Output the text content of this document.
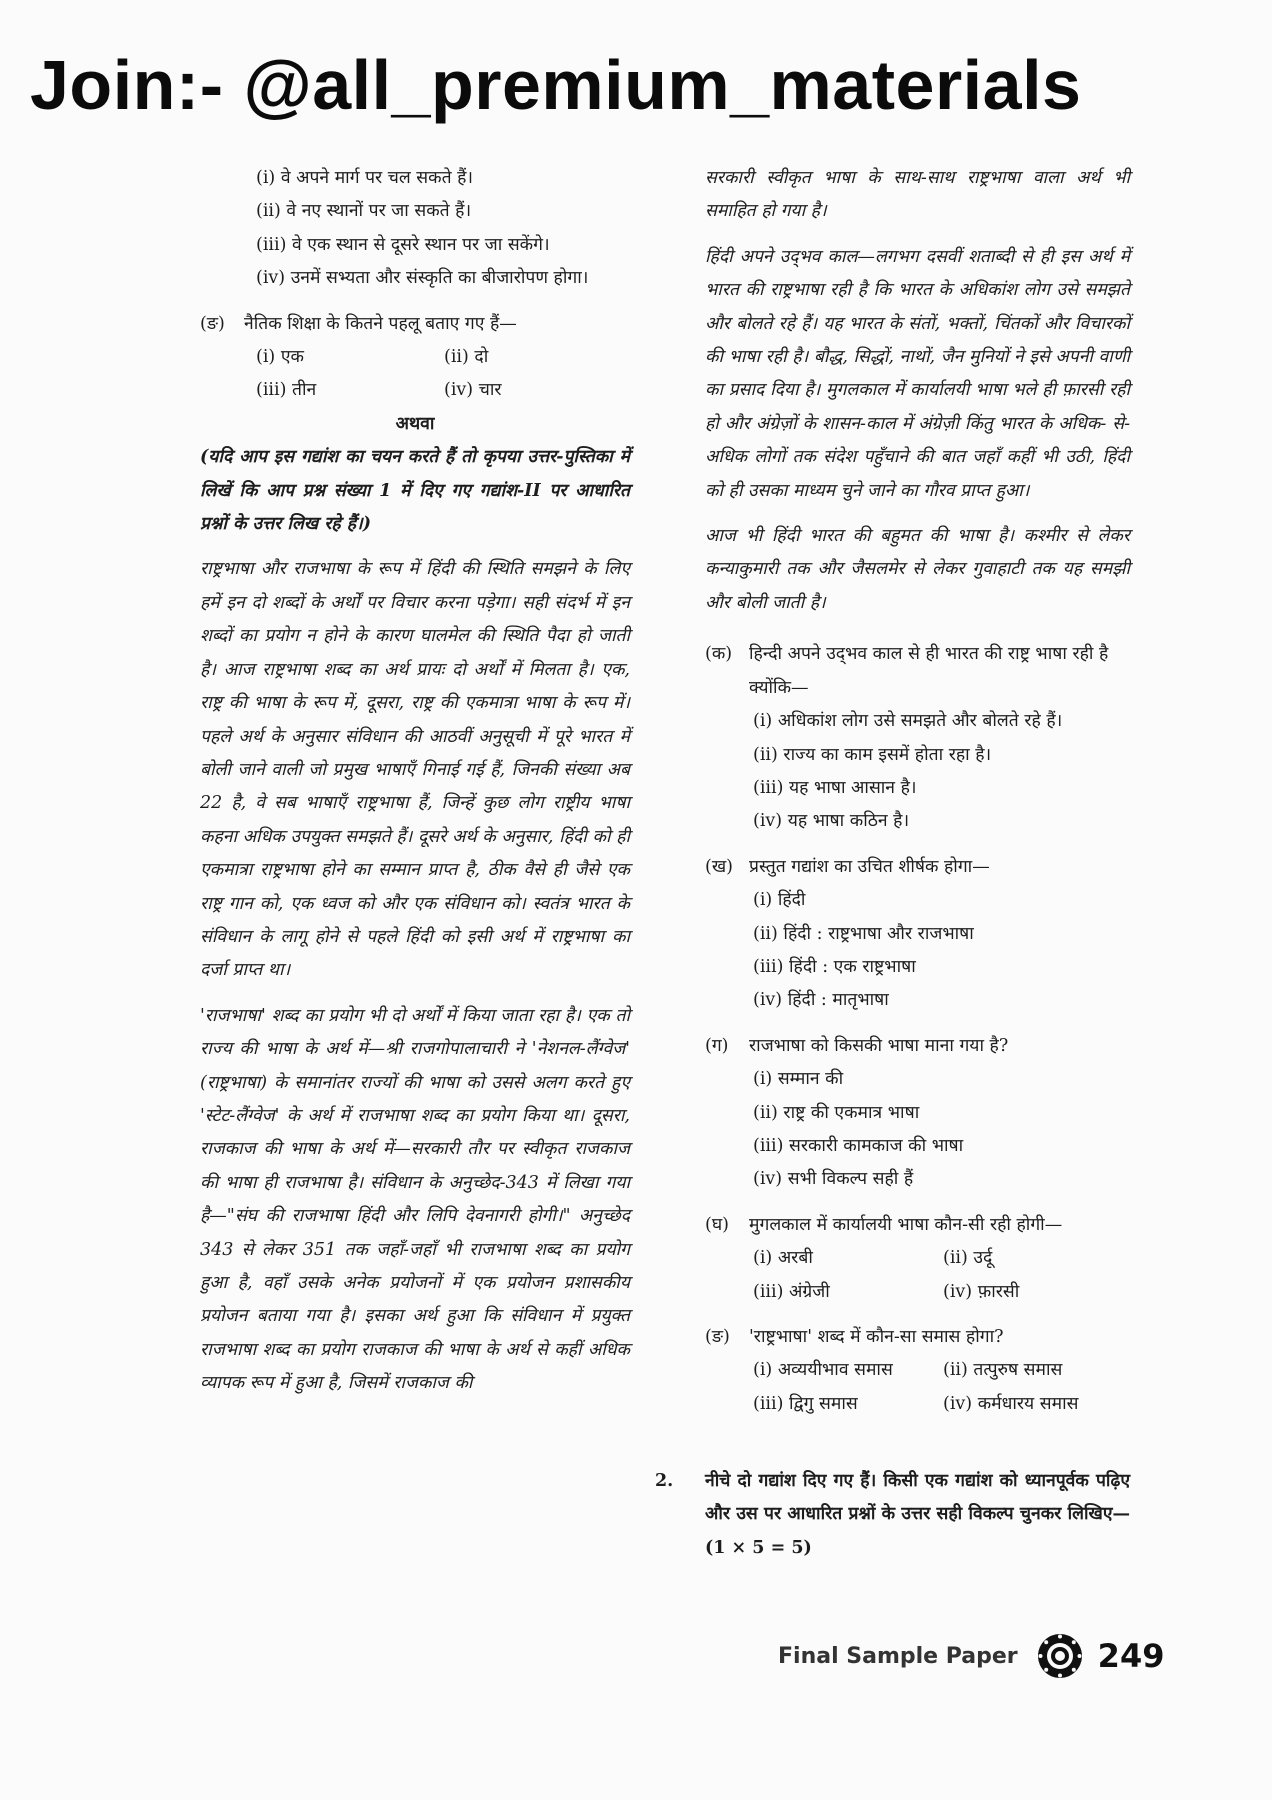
Join:- @all_premium_materials
(i) वे अपने मार्ग पर चल सकते हैं।
(ii) वे नए स्थानों पर जा सकते हैं।
(iii) वे एक स्थान से दूसरे स्थान पर जा सकेंगे।
(iv) उनमें सभ्यता और संस्कृति का बीजारोपण होगा।
(ङ)	नैतिक शिक्षा के कितने पहलू बताए गए हैं—
(i) एक	(ii) दो
(iii) तीन	(iv) चार
अथवा
(यदि आप इस गद्यांश का चयन करते हैं तो कृपया उत्तर-पुस्तिका में लिखें कि आप प्रश्न संख्या 1 में दिए गए गद्यांश-II पर आधारित प्रश्नों के उत्तर लिख रहे हैं।)
राष्ट्रभाषा और राजभाषा के रूप में हिंदी की स्थिति समझने के लिए हमें इन दो शब्दों के अर्थों पर विचार करना पड़ेगा। सही संदर्भ में इन शब्दों का प्रयोग न होने के कारण घालमेल की स्थिति पैदा हो जाती है। आज राष्ट्रभाषा शब्द का अर्थ प्रायः दो अर्थों में मिलता है। एक, राष्ट्र की भाषा के रूप में, दूसरा, राष्ट्र की एकमात्रा भाषा के रूप में। पहले अर्थ के अनुसार संविधान की आठवीं अनुसूची में पूरे भारत में बोली जाने वाली जो प्रमुख भाषाएँ गिनाई गई हैं, जिनकी संख्या अब 22 है, वे सब भाषाएँ राष्ट्रभाषा हैं, जिन्हें कुछ लोग राष्ट्रीय भाषा कहना अधिक उपयुक्त समझते हैं। दूसरे अर्थ के अनुसार, हिंदी को ही एकमात्रा राष्ट्रभाषा होने का सम्मान प्राप्त है, ठीक वैसे ही जैसे एक राष्ट्र गान को, एक ध्वज को और एक संविधान को। स्वतंत्र भारत के संविधान के लागू होने से पहले हिंदी को इसी अर्थ में राष्ट्रभाषा का दर्जा प्राप्त था।
'राजभाषा' शब्द का प्रयोग भी दो अर्थों में किया जाता रहा है। एक तो राज्य की भाषा के अर्थ में—श्री राजगोपालाचारी ने 'नेशनल-लैंग्वेज' (राष्ट्रभाषा) के समानांतर राज्यों की भाषा को उससे अलग करते हुए 'स्टेट-लैंग्वेज' के अर्थ में राजभाषा शब्द का प्रयोग किया था। दूसरा, राजकाज की भाषा के अर्थ में—सरकारी तौर पर स्वीकृत राजकाज की भाषा ही राजभाषा है। संविधान के अनुच्छेद-343 में लिखा गया है—"संघ की राजभाषा हिंदी और लिपि देवनागरी होगी।" अनुच्छेद 343 से लेकर 351 तक जहाँ-जहाँ भी राजभाषा शब्द का प्रयोग हुआ है, वहाँ उसके अनेक प्रयोजनों में एक प्रयोजन प्रशासकीय प्रयोजन बताया गया है। इसका अर्थ हुआ कि संविधान में प्रयुक्त राजभाषा शब्द का प्रयोग राजकाज की भाषा के अर्थ से कहीं अधिक व्यापक रूप में हुआ है, जिसमें राजकाज की
सरकारी स्वीकृत भाषा के साथ-साथ राष्ट्रभाषा वाला अर्थ भी समाहित हो गया है।
हिंदी अपने उद्‌भव काल—लगभग दसवीं शताब्दी से ही इस अर्थ में भारत की राष्ट्रभाषा रही है कि भारत के अधिकांश लोग उसे समझते और बोलते रहे हैं। यह भारत के संतों, भक्तों, चिंतकों और विचारकों की भाषा रही है। बौद्ध, सिद्धों, नाथों, जैन मुनियों ने इसे अपनी वाणी का प्रसाद दिया है। मुगलकाल में कार्यालयी भाषा भले ही फ़ारसी रही हो और अंग्रेज़ों के शासन-काल में अंग्रेज़ी किंतु भारत के अधिक- से-अधिक लोगों तक संदेश पहुँचाने की बात जहाँ कहीं भी उठी, हिंदी को ही उसका माध्यम चुने जाने का गौरव प्राप्त हुआ।
आज भी हिंदी भारत की बहुमत की भाषा है। कश्मीर से लेकर कन्याकुमारी तक और जैसलमेर से लेकर गुवाहाटी तक यह समझी और बोली जाती है।
(क) हिन्दी अपने उद्‌भव काल से ही भारत की राष्ट्र भाषा रही है क्योंकि—
(i) अधिकांश लोग उसे समझते और बोलते रहे हैं।
(ii) राज्य का काम इसमें होता रहा है।
(iii) यह भाषा आसान है।
(iv) यह भाषा कठिन है।
(ख) प्रस्तुत गद्यांश का उचित शीर्षक होगा—
(i) हिंदी
(ii) हिंदी : राष्ट्रभाषा और राजभाषा
(iii) हिंदी : एक राष्ट्रभाषा
(iv) हिंदी : मातृभाषा
(ग)	राजभाषा को किसकी भाषा माना गया है?
(i) सम्मान की
(ii) राष्ट्र की एकमात्र भाषा
(iii) सरकारी कामकाज की भाषा
(iv) सभी विकल्प सही हैं
(घ)	मुगलकाल में कार्यालयी भाषा कौन-सी रही होगी—
(i) अरबी	(ii) उर्दू
(iii) अंग्रेजी	(iv) फ़ारसी
(ङ)	'राष्ट्रभाषा' शब्द में कौन-सा समास होगा?
(i) अव्ययीभाव समास	(ii) तत्पुरुष समास
(iii) द्विगु समास	(iv) कर्मधारय समास
2.	नीचे दो गद्यांश दिए गए हैं। किसी एक गद्यांश को ध्यानपूर्वक पढ़िए और उस पर आधारित प्रश्नों के उत्तर सही विकल्प चुनकर लिखिए— (1 × 5 = 5)
Final Sample Paper	249
